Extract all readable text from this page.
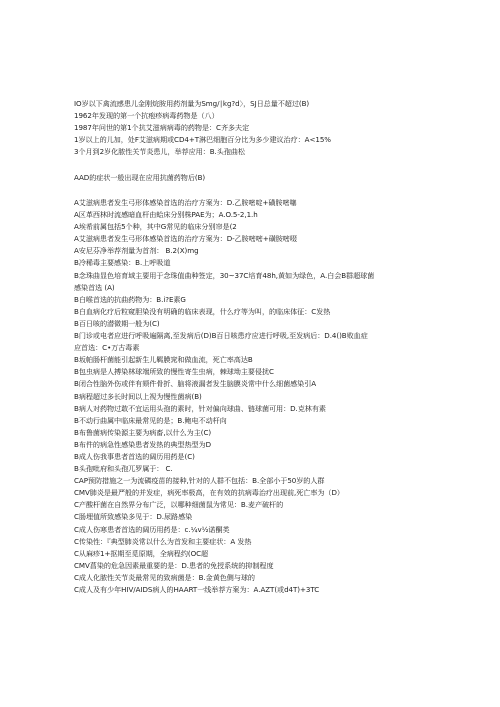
IO岁以下禽流感患儿金刚烷胺用药剂量为Smg/∣kg?d〉，SJ日总量不超过(B)
1962年发现的第一个抗疱疹病毒药物是（八）
1987年问世的第1个抗艾滋病病毒的药物是：C齐多夫定
1岁以上的儿加，处F艾滋病期或CD4+T淋巴细胞百分比为多少建议治疗：A<15%
3个月到2岁化脓性关节炎患儿，举荐应用：B.头孢曲松
AAD的症状一般出现在应用抗菌药物后(B)
A艾滋病患者发生弓形体感染首选的治疗方案为：D.乙胺嘧啶+磺胺嘧噻
A区革西林时流感暗血杆由蛤床分别株PAE为；A.O.5-2,1.h
A埃希前属包括5个种，其中G常见的临床分别帘是(2
A艾滋病患者发生弓形体感染首选的治疗方案为：D-乙胺嘧嘧+磺胺嘧啜
A安尼芬净举荐剂量为首剂： B.2(X)mg
B冷稀毒主要感染：B.上呼吸道
B念珠曲显色培育域主要用于念珠值曲种签定，30~37C培育48h,黄如为绿色，A.白会B群超球菌
感染首选 (A)
B白喉首选的抗曲药物为：B.i?E素G
B白血病化疗后粒窥胆染没有明确的临床表现，什么疗等为叫，的临床体征：C发热
B百日咳的潜微期一般为(C)
B门诊或电者应进行呼吸遍隔离,至发病后(D)B百日咳患疗应进行呼吸,至发病后：D.4()B败血症
应首选：C•万古毒素
B坂帕肠杆菌能引起新生儿羁膜窕和做血流，死亡率高达B
B包虫病是人搏染林球端所致的慢性寄生虫病，棘球坳主要侵扰C
B闭合性脑外伤或伴有颏件骨折、脑将液漏者发生脑膜炎常中什么细菌感染引A
B病程超过多长时间以上视为慢性菌病(B)
B病人对药物过敢不宜运用头孢的素时，针对偏向球曲、链球菌可用：D.克林有素
B不动行曲属中临床最常见的是；B.鲍电不动杆向
B布鲁菌病传染源主要为病畜,以什么为主(C)
B布件的病急性感染患者发热的典型热型为D
B成人伤我事患者首选的阔历用药是(C)
B头孢吡府和头孢兀罗属于： C.
CAP预防措施之一为流磷疫苗的接种,针对的人群不包括：B.全部小于50岁的人群
CMV肺炎是最严般的并发症，病死率极高，在有效的抗病毒治疗出现前,死亡率为（D）
C产酸杆菌在自然界分布广泛，以哪种细菌鼠为常见：B.麦产破杆的
C肠埋值所致感染多见于：D.尿路感染
C成人伤寒患者首选的阔历用药是：c.¼v½诺酮类
C传染性：『典型肺炎常以什么为首发和主要症状：A 发热
C从麻疹1+抠期至觅原期，全病程约(OC超
CMV菖染的危急因素最重要的是：D.患者的免授系统的抑制程度
C成人化脓性关节炎最常见的致病菌是：B.金黄色侧与球的
C成人及有少年HIV/AIDS病人的HAART一线举荐方案为：A.AZT(或d4T)+3TC
